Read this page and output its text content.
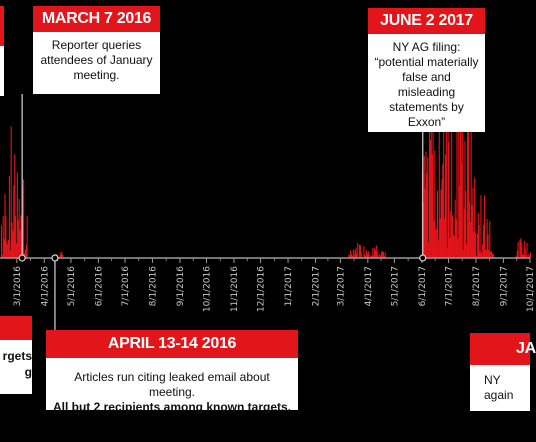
3/1/2016 4/1/2016 5/1/2016 6/1/2016 7/1/2016 8/1/2016 9/1/2016 10/1/2016 11/1/2016 12/1/2016 1/1/2017 2/1/2017 3/1/2017 4/1/2017 5/1/2017 6/1/2017 7/1/2017 8/1/2017 9/1/2017 10/1/2017
MARCH 7 2016
Reporter queries
attendees of January
meeting.
JUNE 2 2017
NY AG filing:
“potential materially
false and misleading
statements by
Exxon”
rgets
g
APRIL 13-14 2016
Articles run citing leaked email about meeting.
All but 2 recipients among known targets.
JA
NY
again
